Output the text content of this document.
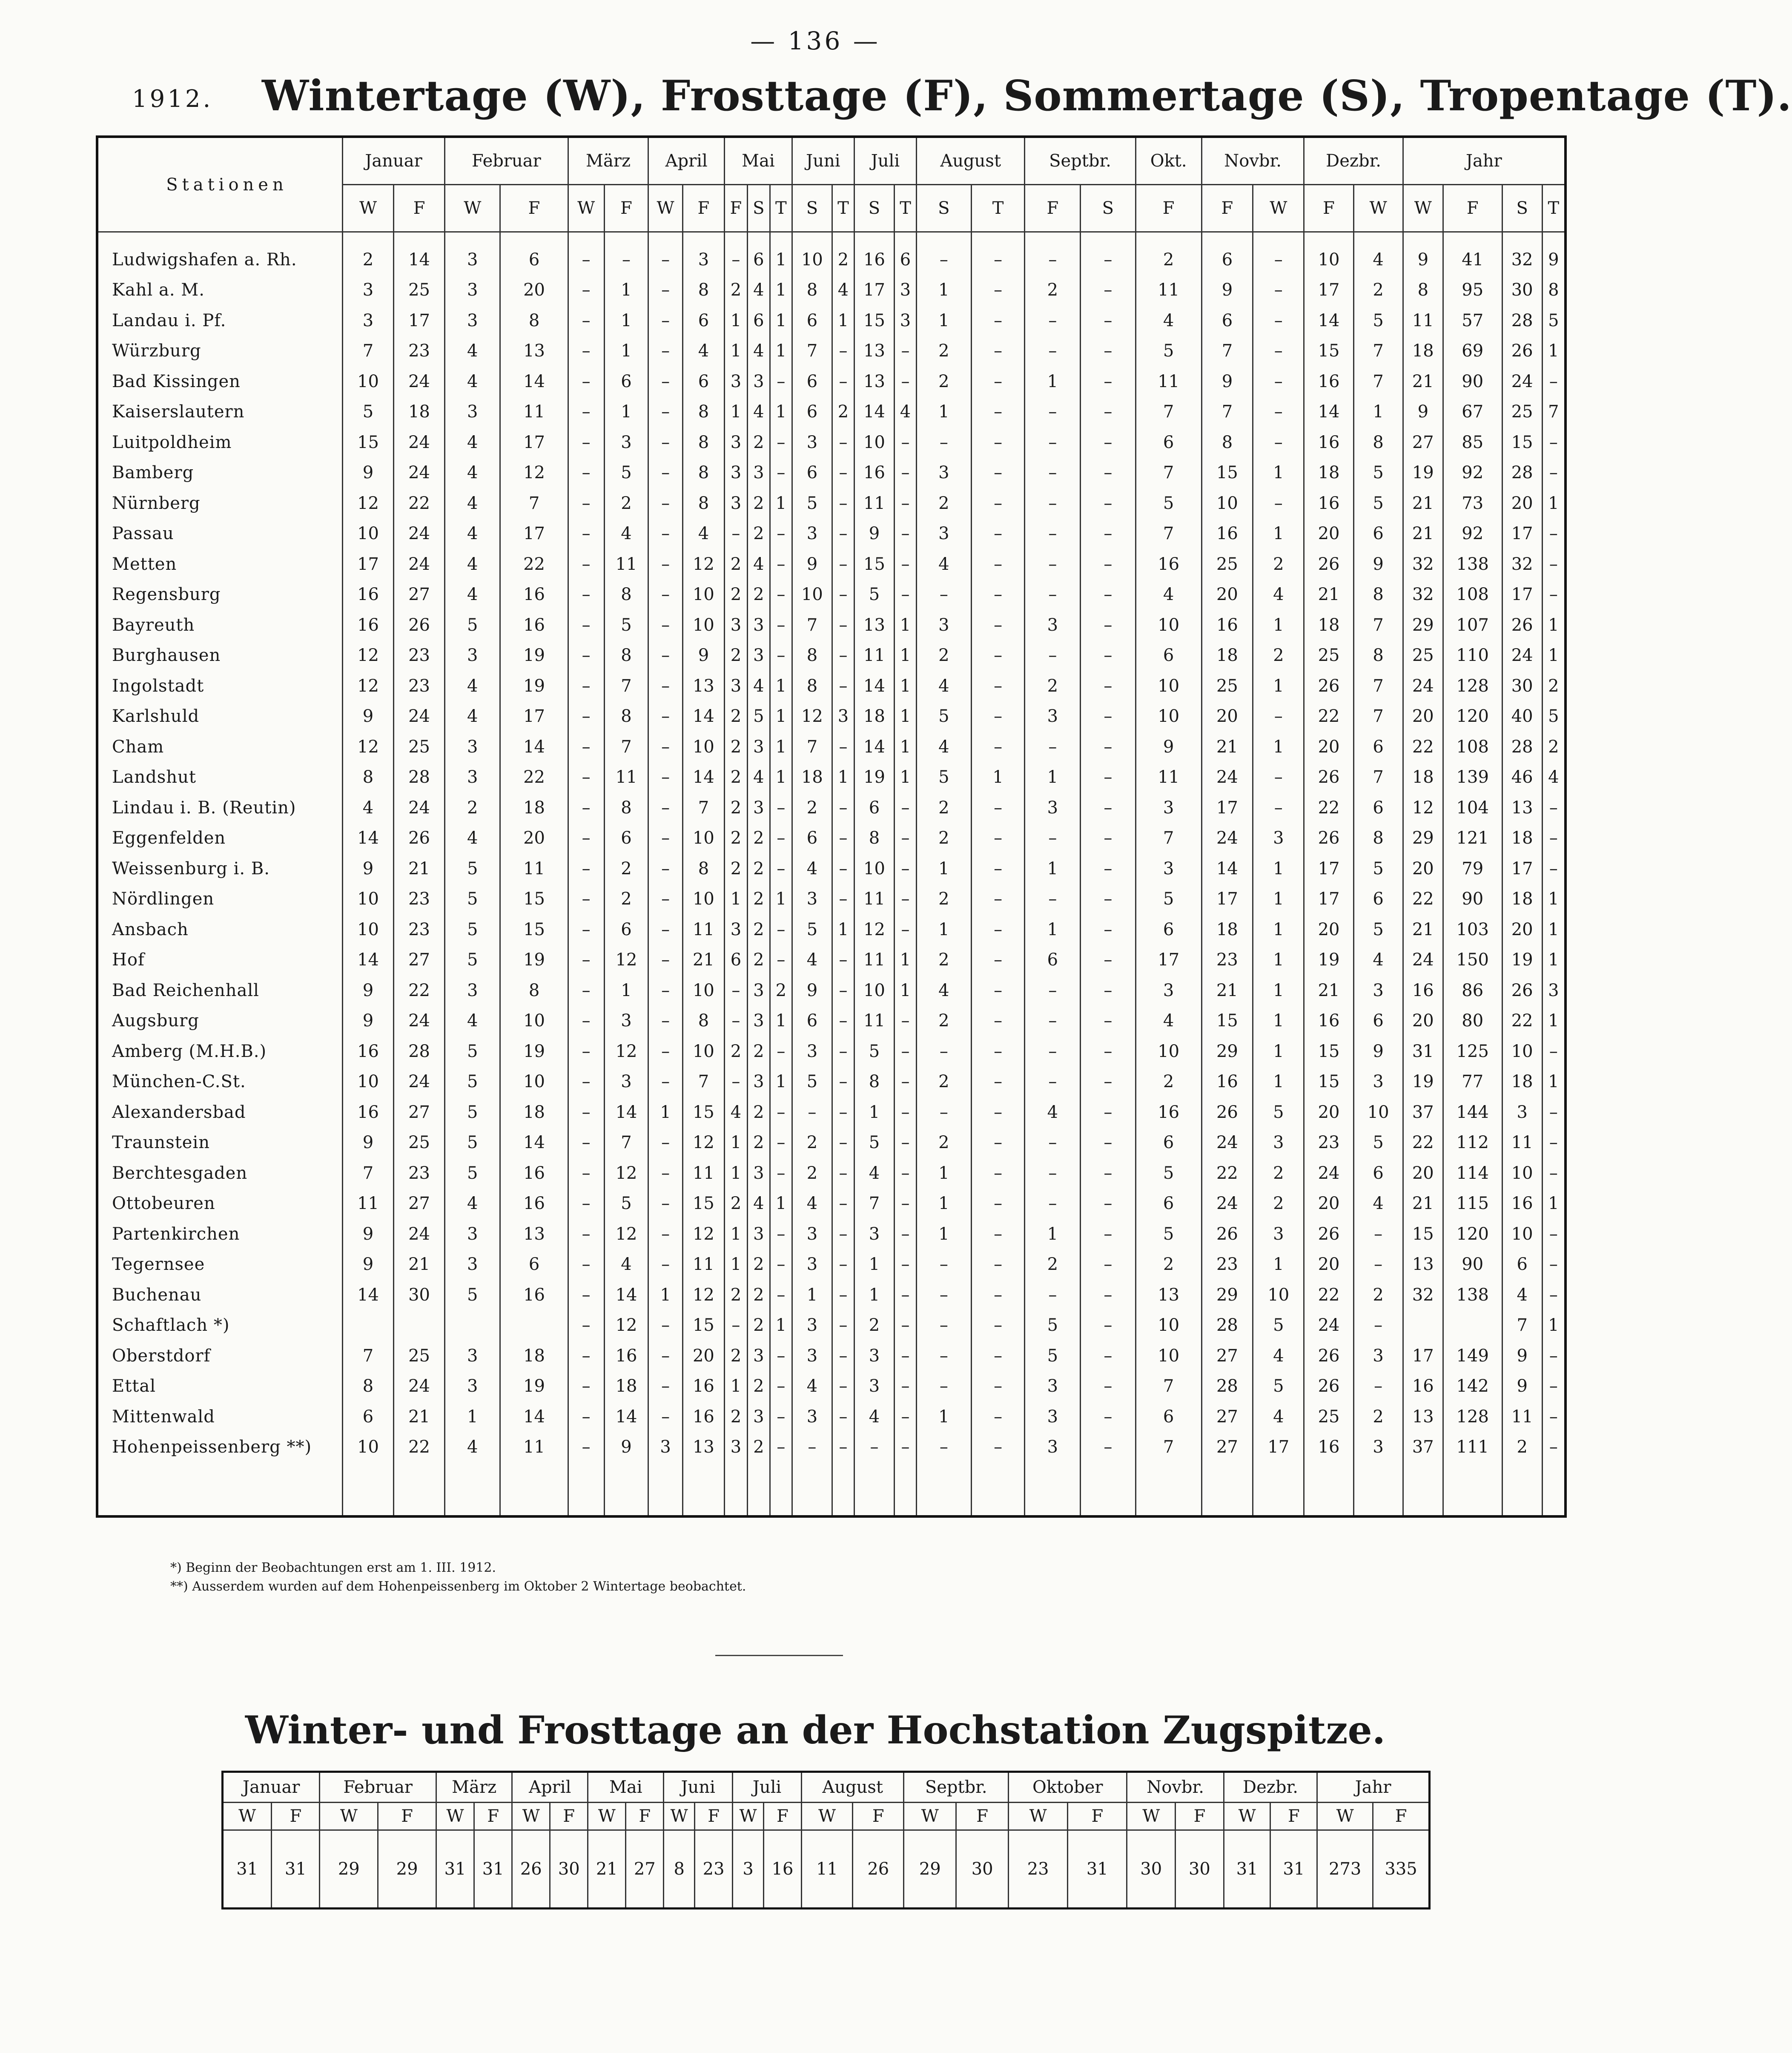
— 136 —
1912. Wintertage (W), Frosttage (F), Sommertage (S), Tropentage (T).
Stationen	Januar		Februar		März		April		Mai			Juni		Juli		August		Septbr.		Okt.	Novbr.		Dezbr.		Jahr			
	W	F	W	F	W	F	W	F	F	S	T	S	T	S	T	S	T	F	S	F	F	W	F	W	W	F	S	T
Ludwigshafen a. Rh.	2	14	3	6	–	–	–	3	–	6	1	10	2	16	6	–	–	–	–	2	6	–	10	4	9	41	32	9
Kahl a. M.	3	25	3	20	–	1	–	8	2	4	1	8	4	17	3	1	–	2	–	11	9	–	17	2	8	95	30	8
Landau i. Pf.	3	17	3	8	–	1	–	6	1	6	1	6	1	15	3	1	–	–	–	4	6	–	14	5	11	57	28	5
Würzburg	7	23	4	13	–	1	–	4	1	4	1	7	–	13	–	2	–	–	–	5	7	–	15	7	18	69	26	1
Bad Kissingen	10	24	4	14	–	6	–	6	3	3	–	6	–	13	–	2	–	1	–	11	9	–	16	7	21	90	24	–
Kaiserslautern	5	18	3	11	–	1	–	8	1	4	1	6	2	14	4	1	–	–	–	7	7	–	14	1	9	67	25	7
Luitpoldheim	15	24	4	17	–	3	–	8	3	2	–	3	–	10	–	–	–	–	–	6	8	–	16	8	27	85	15	–
Bamberg	9	24	4	12	–	5	–	8	3	3	–	6	–	16	–	3	–	–	–	7	15	1	18	5	19	92	28	–
Nürnberg	12	22	4	7	–	2	–	8	3	2	1	5	–	11	–	2	–	–	–	5	10	–	16	5	21	73	20	1
Passau	10	24	4	17	–	4	–	4	–	2	–	3	–	9	–	3	–	–	–	7	16	1	20	6	21	92	17	–
Metten	17	24	4	22	–	11	–	12	2	4	–	9	–	15	–	4	–	–	–	16	25	2	26	9	32	138	32	–
Regensburg	16	27	4	16	–	8	–	10	2	2	–	10	–	5	–	–	–	–	–	4	20	4	21	8	32	108	17	–
Bayreuth	16	26	5	16	–	5	–	10	3	3	–	7	–	13	1	3	–	3	–	10	16	1	18	7	29	107	26	1
Burghausen	12	23	3	19	–	8	–	9	2	3	–	8	–	11	1	2	–	–	–	6	18	2	25	8	25	110	24	1
Ingolstadt	12	23	4	19	–	7	–	13	3	4	1	8	–	14	1	4	–	2	–	10	25	1	26	7	24	128	30	2
Karlshuld	9	24	4	17	–	8	–	14	2	5	1	12	3	18	1	5	–	3	–	10	20	–	22	7	20	120	40	5
Cham	12	25	3	14	–	7	–	10	2	3	1	7	–	14	1	4	–	–	–	9	21	1	20	6	22	108	28	2
Landshut	8	28	3	22	–	11	–	14	2	4	1	18	1	19	1	5	1	1	–	11	24	–	26	7	18	139	46	4
Lindau i. B. (Reutin)	4	24	2	18	–	8	–	7	2	3	–	2	–	6	–	2	–	3	–	3	17	–	22	6	12	104	13	–
Eggenfelden	14	26	4	20	–	6	–	10	2	2	–	6	–	8	–	2	–	–	–	7	24	3	26	8	29	121	18	–
Weissenburg i. B.	9	21	5	11	–	2	–	8	2	2	–	4	–	10	–	1	–	1	–	3	14	1	17	5	20	79	17	–
Nördlingen	10	23	5	15	–	2	–	10	1	2	1	3	–	11	–	2	–	–	–	5	17	1	17	6	22	90	18	1
Ansbach	10	23	5	15	–	6	–	11	3	2	–	5	1	12	–	1	–	1	–	6	18	1	20	5	21	103	20	1
Hof	14	27	5	19	–	12	–	21	6	2	–	4	–	11	1	2	–	6	–	17	23	1	19	4	24	150	19	1
Bad Reichenhall	9	22	3	8	–	1	–	10	–	3	2	9	–	10	1	4	–	–	–	3	21	1	21	3	16	86	26	3
Augsburg	9	24	4	10	–	3	–	8	–	3	1	6	–	11	–	2	–	–	–	4	15	1	16	6	20	80	22	1
Amberg (M.H.B.)	16	28	5	19	–	12	–	10	2	2	–	3	–	5	–	–	–	–	–	10	29	1	15	9	31	125	10	–
München-C.St.	10	24	5	10	–	3	–	7	–	3	1	5	–	8	–	2	–	–	–	2	16	1	15	3	19	77	18	1
Alexandersbad	16	27	5	18	–	14	1	15	4	2	–	–	–	1	–	–	–	4	–	16	26	5	20	10	37	144	3	–
Traunstein	9	25	5	14	–	7	–	12	1	2	–	2	–	5	–	2	–	–	–	6	24	3	23	5	22	112	11	–
Berchtesgaden	7	23	5	16	–	12	–	11	1	3	–	2	–	4	–	1	–	–	–	5	22	2	24	6	20	114	10	–
Ottobeuren	11	27	4	16	–	5	–	15	2	4	1	4	–	7	–	1	–	–	–	6	24	2	20	4	21	115	16	1
Partenkirchen	9	24	3	13	–	12	–	12	1	3	–	3	–	3	–	1	–	1	–	5	26	3	26	–	15	120	10	–
Tegernsee	9	21	3	6	–	4	–	11	1	2	–	3	–	1	–	–	–	2	–	2	23	1	20	–	13	90	6	–
Buchenau	14	30	5	16	–	14	1	12	2	2	–	1	–	1	–	–	–	–	–	13	29	10	22	2	32	138	4	–
Schaftlach *)					–	12	–	15	–	2	1	3	–	2	–	–	–	5	–	10	28	5	24	–			7	1
Oberstdorf	7	25	3	18	–	16	–	20	2	3	–	3	–	3	–	–	–	5	–	10	27	4	26	3	17	149	9	–
Ettal	8	24	3	19	–	18	–	16	1	2	–	4	–	3	–	–	–	3	–	7	28	5	26	–	16	142	9	–
Mittenwald	6	21	1	14	–	14	–	16	2	3	–	3	–	4	–	1	–	3	–	6	27	4	25	2	13	128	11	–
Hohenpeissenberg **)	10	22	4	11	–	9	3	13	3	2	–	–	–	–	–	–	–	3	–	7	27	17	16	3	37	111	2	–

*) Beginn der Beobachtungen erst am 1. III. 1912.
**) Ausserdem wurden auf dem Hohenpeissenberg im Oktober 2 Wintertage beobachtet.
Winter- und Frosttage an der Hochstation Zugspitze.
Januar		Februar		März		April		Mai		Juni		Juli		August		Septbr.		Oktober		Novbr.		Dezbr.		Jahr	
W	F	W	F	W	F	W	F	W	F	W	F	W	F	W	F	W	F	W	F	W	F	W	F	W	F
31	31	29	29	31	31	26	30	21	27	8	23	3	16	11	26	29	30	23	31	30	30	31	31	273	335
